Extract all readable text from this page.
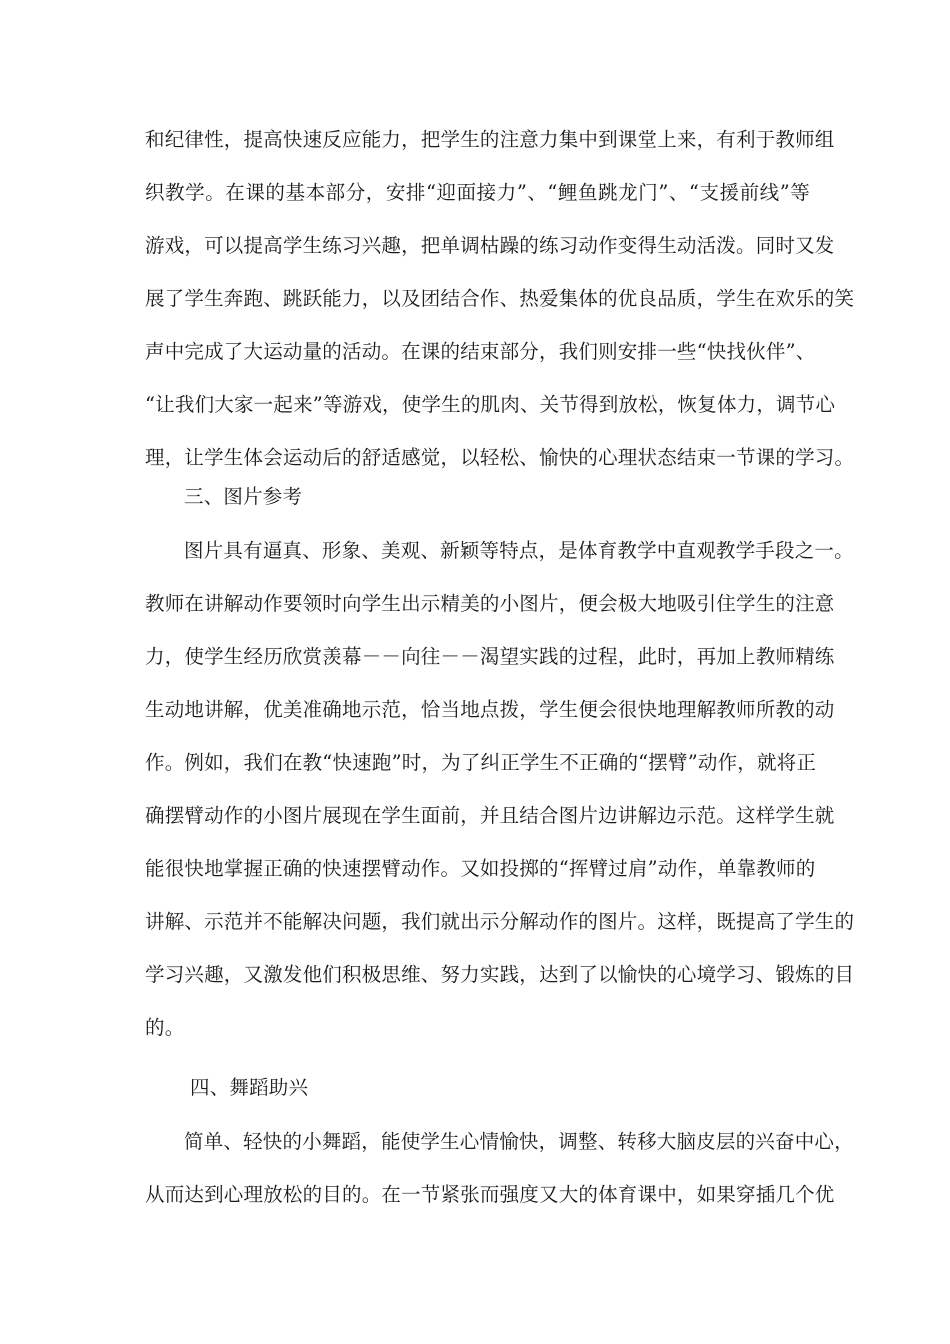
和纪律性，提高快速反应能力，把学生的注意力集中到课堂上来，有利于教师组
织教学。在课的基本部分，安排“迎面接力”、“鲤鱼跳龙门”、“支援前线”等
游戏，可以提高学生练习兴趣，把单调枯躁的练习动作变得生动活泼。同时又发
展了学生奔跑、跳跃能力，以及团结合作、热爱集体的优良品质，学生在欢乐的笑
声中完成了大运动量的活动。在课的结束部分，我们则安排一些“快找伙伴”、
“让我们大家一起来”等游戏，使学生的肌肉、关节得到放松，恢复体力，调节心
理，让学生体会运动后的舒适感觉，以轻松、愉快的心理状态结束一节课的学习。
三、图片参考
图片具有逼真、形象、美观、新颖等特点，是体育教学中直观教学手段之一。
教师在讲解动作要领时向学生出示精美的小图片，便会极大地吸引住学生的注意
力，使学生经历欣赏羡幕－－向往－－渴望实践的过程，此时，再加上教师精练
生动地讲解，优美准确地示范，恰当地点拨，学生便会很快地理解教师所教的动
作。例如，我们在教“快速跑”时，为了纠正学生不正确的“摆臂”动作，就将正
确摆臂动作的小图片展现在学生面前，并且结合图片边讲解边示范。这样学生就
能很快地掌握正确的快速摆臂动作。又如投掷的“挥臂过肩”动作，单靠教师的
讲解、示范并不能解决问题，我们就出示分解动作的图片。这样，既提高了学生的
学习兴趣，又激发他们积极思维、努力实践，达到了以愉快的心境学习、锻炼的目
的。
四、舞蹈助兴
简单、轻快的小舞蹈，能使学生心情愉快，调整、转移大脑皮层的兴奋中心，
从而达到心理放松的目的。在一节紧张而强度又大的体育课中，如果穿插几个优
